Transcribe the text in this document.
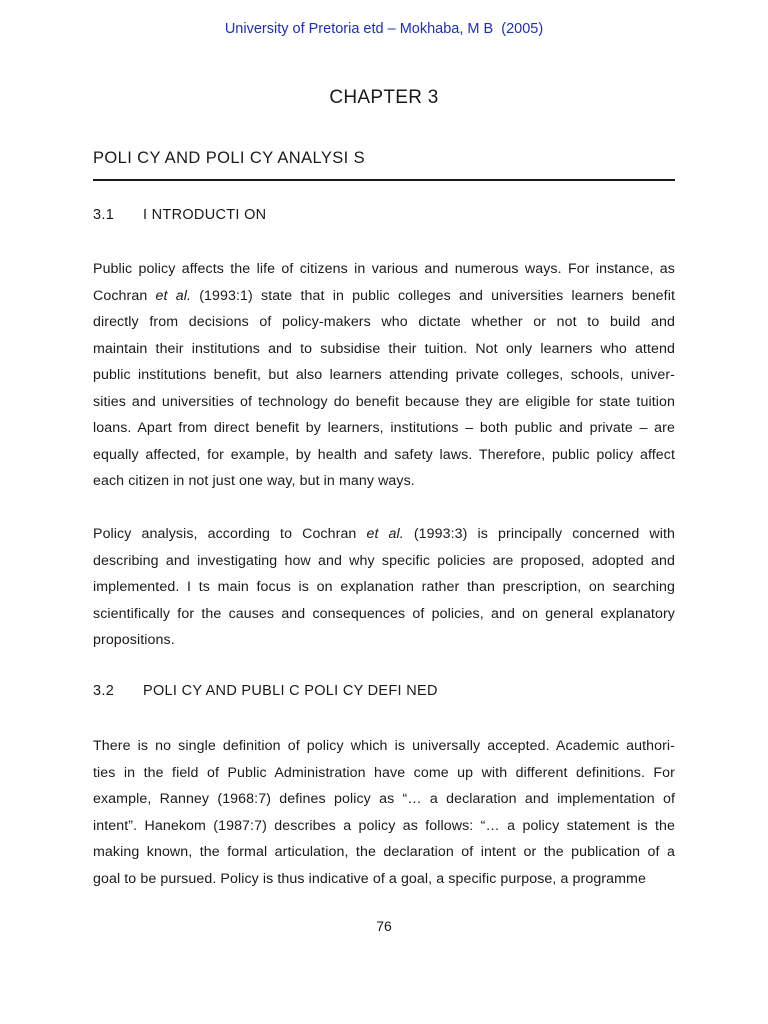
University of Pretoria etd – Mokhaba, M B  (2005)
CHAPTER 3
POLI CY AND POLI CY ANALYSI S
3.1 I NTRODUCTI ON
Public policy affects the life of citizens in various and numerous ways. For instance, as
Cochran et al. (1993:1) state that in public colleges and universities learners benefit
directly from decisions of policy-makers who dictate whether or not to build and
maintain their institutions and to subsidise their tuition. Not only learners who attend
public institutions benefit, but also learners attending private colleges, schools, univer-
sities and universities of technology do benefit because they are eligible for state tuition
loans. Apart from direct benefit by learners, institutions – both public and private – are
equally affected, for example, by health and safety laws. Therefore, public policy affect
each citizen in not just one way, but in many ways.
Policy analysis, according to Cochran et al. (1993:3) is principally concerned with
describing and investigating how and why specific policies are proposed, adopted and
implemented. I ts main focus is on explanation rather than prescription, on searching
scientifically for the causes and consequences of policies, and on general explanatory
propositions.
3.2 POLI CY AND PUBLI C POLI CY DEFI NED
There is no single definition of policy which is universally accepted. Academic authori-
ties in the field of Public Administration have come up with different definitions. For
example, Ranney (1968:7) defines policy as “… a declaration and implementation of
intent”. Hanekom (1987:7) describes a policy as follows: “… a policy statement is the
making known, the formal articulation, the declaration of intent or the publication of a
goal to be pursued. Policy is thus indicative of a goal, a specific purpose, a programme
76
